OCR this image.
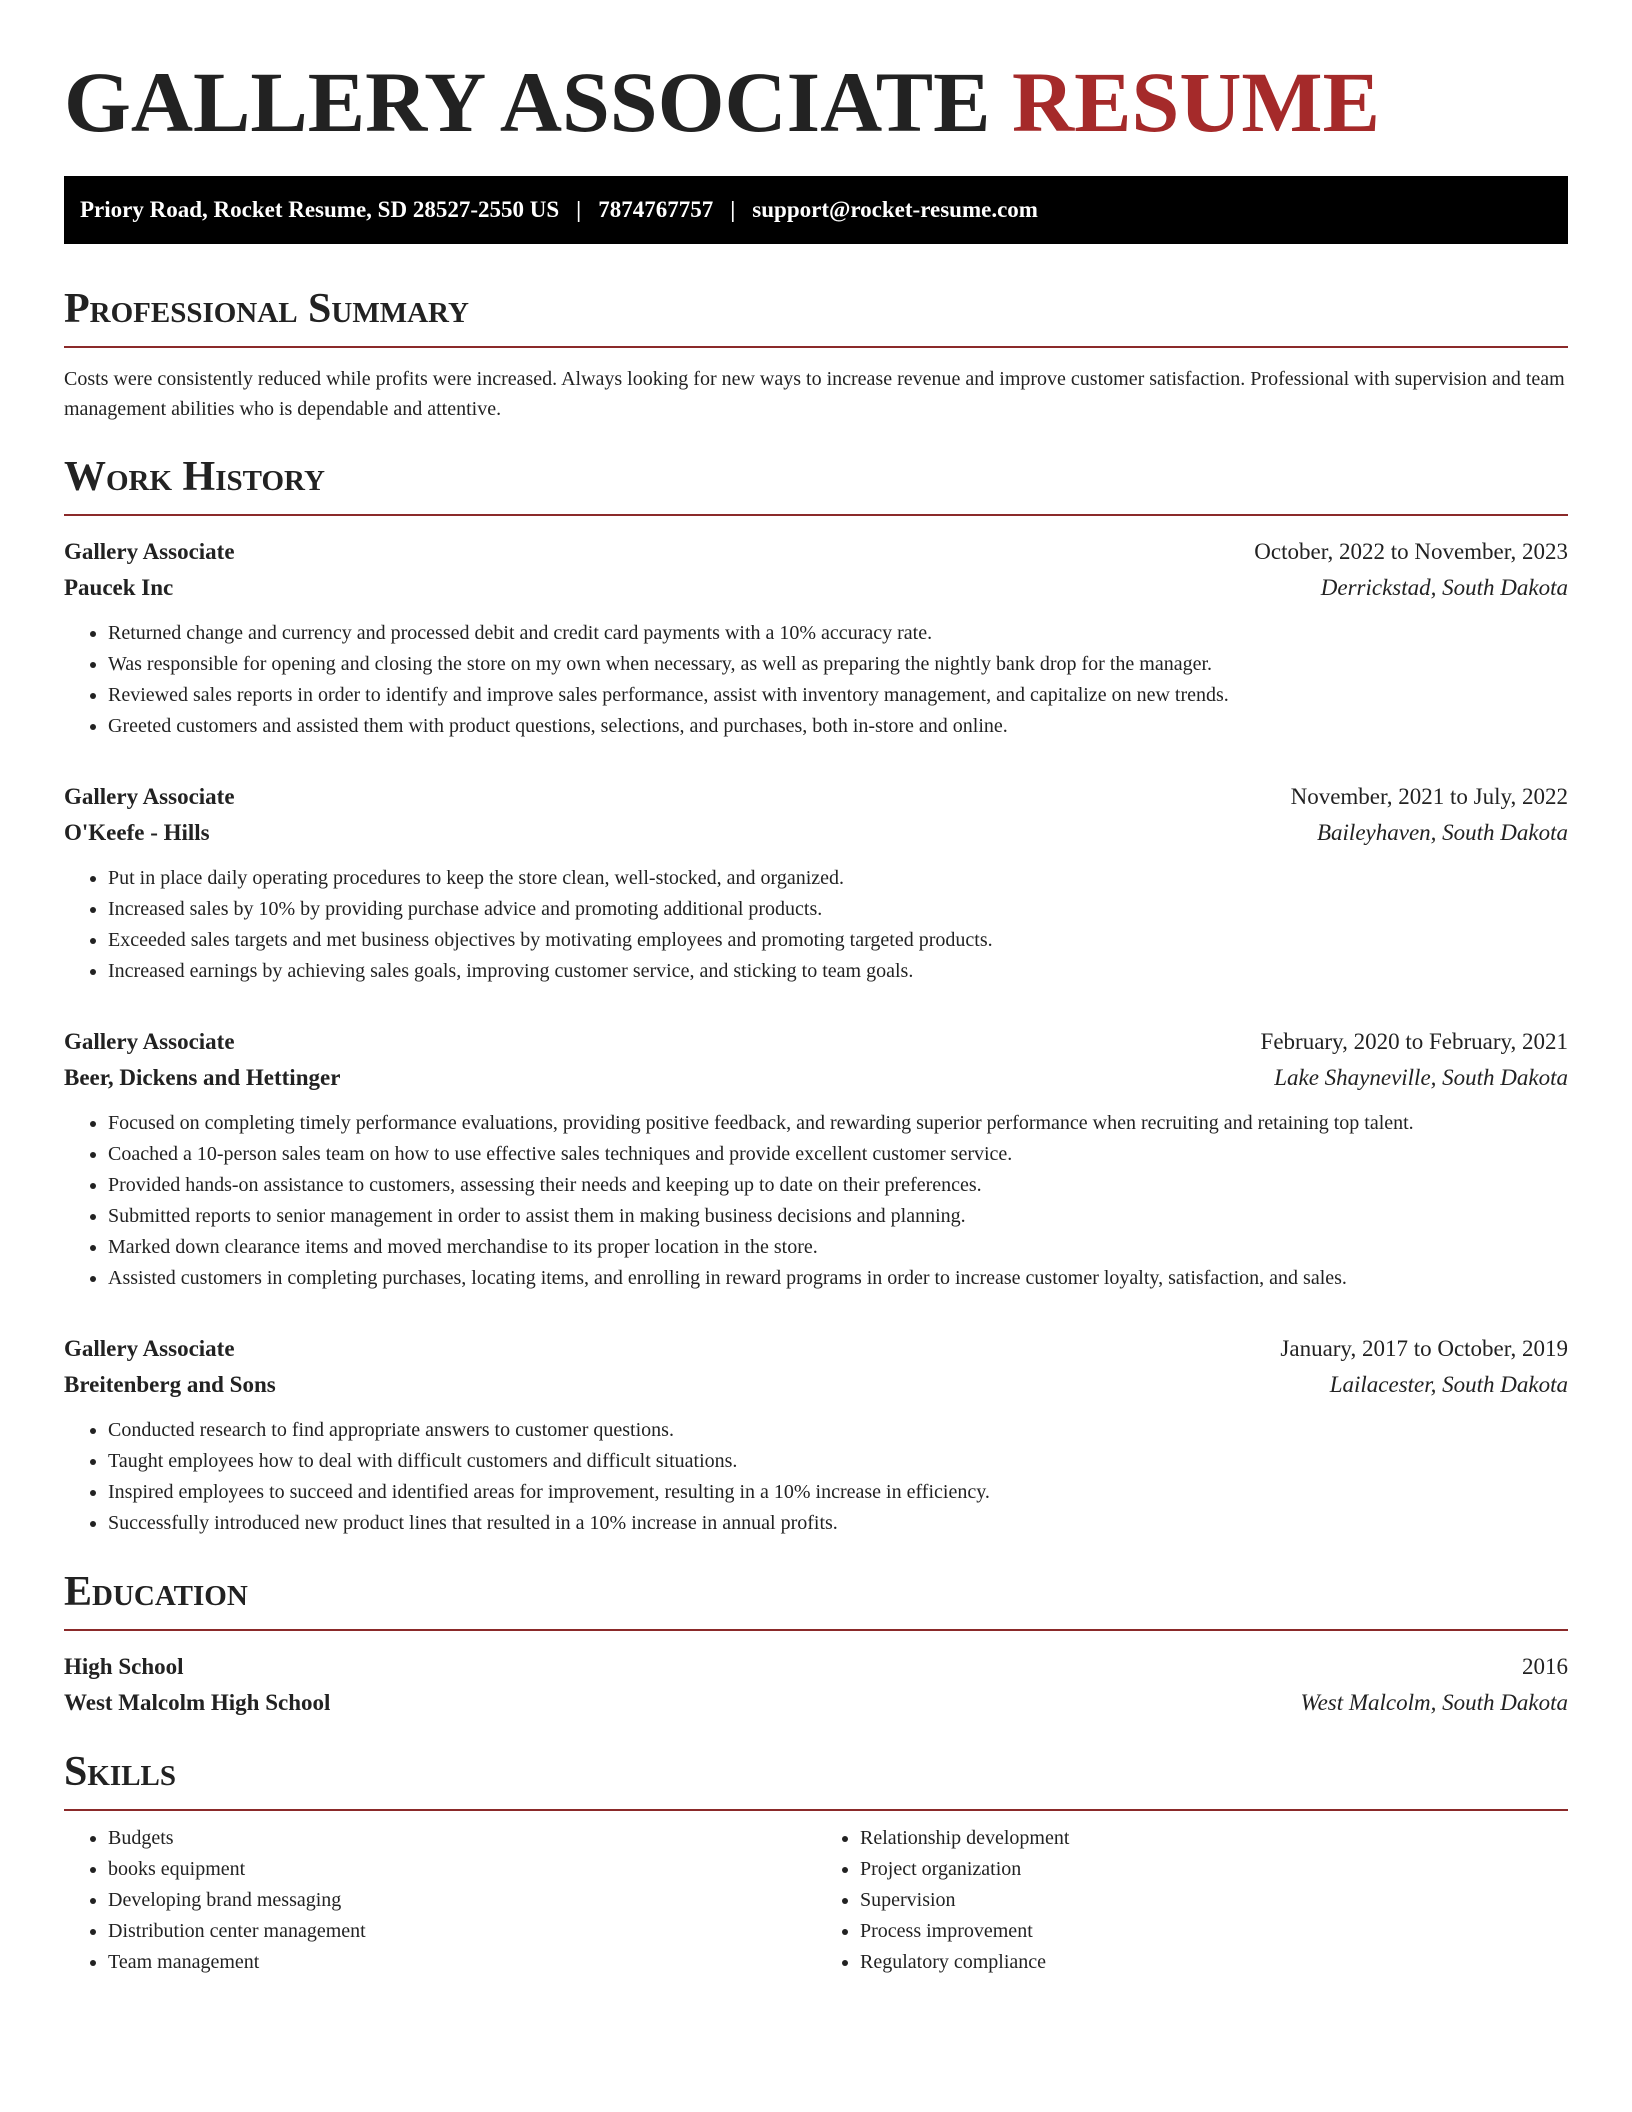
GALLERY ASSOCIATE RESUME
Priory Road, Rocket Resume, SD 28527-2550 US | 7874767757 | support@rocket-resume.com
Professional Summary

Costs were consistently reduced while profits were increased. Always looking for new ways to increase revenue and improve customer satisfaction. Professional with supervision and team management abilities who is dependable and attentive.

Work History
Gallery Associate	October, 2022 to November, 2023
Paucek Inc	Derrickstad, South Dakota
• Returned change and currency and processed debit and credit card payments with a 10% accuracy rate.
• Was responsible for opening and closing the store on my own when necessary, as well as preparing the nightly bank drop for the manager.
• Reviewed sales reports in order to identify and improve sales performance, assist with inventory management, and capitalize on new trends.
• Greeted customers and assisted them with product questions, selections, and purchases, both in-store and online.
Gallery Associate	November, 2021 to July, 2022
O'Keefe - Hills	Baileyhaven, South Dakota
• Put in place daily operating procedures to keep the store clean, well-stocked, and organized.
• Increased sales by 10% by providing purchase advice and promoting additional products.
• Exceeded sales targets and met business objectives by motivating employees and promoting targeted products.
• Increased earnings by achieving sales goals, improving customer service, and sticking to team goals.
Gallery Associate	February, 2020 to February, 2021
Beer, Dickens and Hettinger	Lake Shayneville, South Dakota
• Focused on completing timely performance evaluations, providing positive feedback, and rewarding superior performance when recruiting and retaining top talent.
• Coached a 10-person sales team on how to use effective sales techniques and provide excellent customer service.
• Provided hands-on assistance to customers, assessing their needs and keeping up to date on their preferences.
• Submitted reports to senior management in order to assist them in making business decisions and planning.
• Marked down clearance items and moved merchandise to its proper location in the store.
• Assisted customers in completing purchases, locating items, and enrolling in reward programs in order to increase customer loyalty, satisfaction, and sales.
Gallery Associate	January, 2017 to October, 2019
Breitenberg and Sons	Lailacester, South Dakota
• Conducted research to find appropriate answers to customer questions.
• Taught employees how to deal with difficult customers and difficult situations.
• Inspired employees to succeed and identified areas for improvement, resulting in a 10% increase in efficiency.
• Successfully introduced new product lines that resulted in a 10% increase in annual profits.
Education
High School	2016
West Malcolm High School	West Malcolm, South Dakota
Skills
• Budgets
• books equipment
• Developing brand messaging
• Distribution center management
• Team management
• Relationship development
• Project organization
• Supervision
• Process improvement
• Regulatory compliance
